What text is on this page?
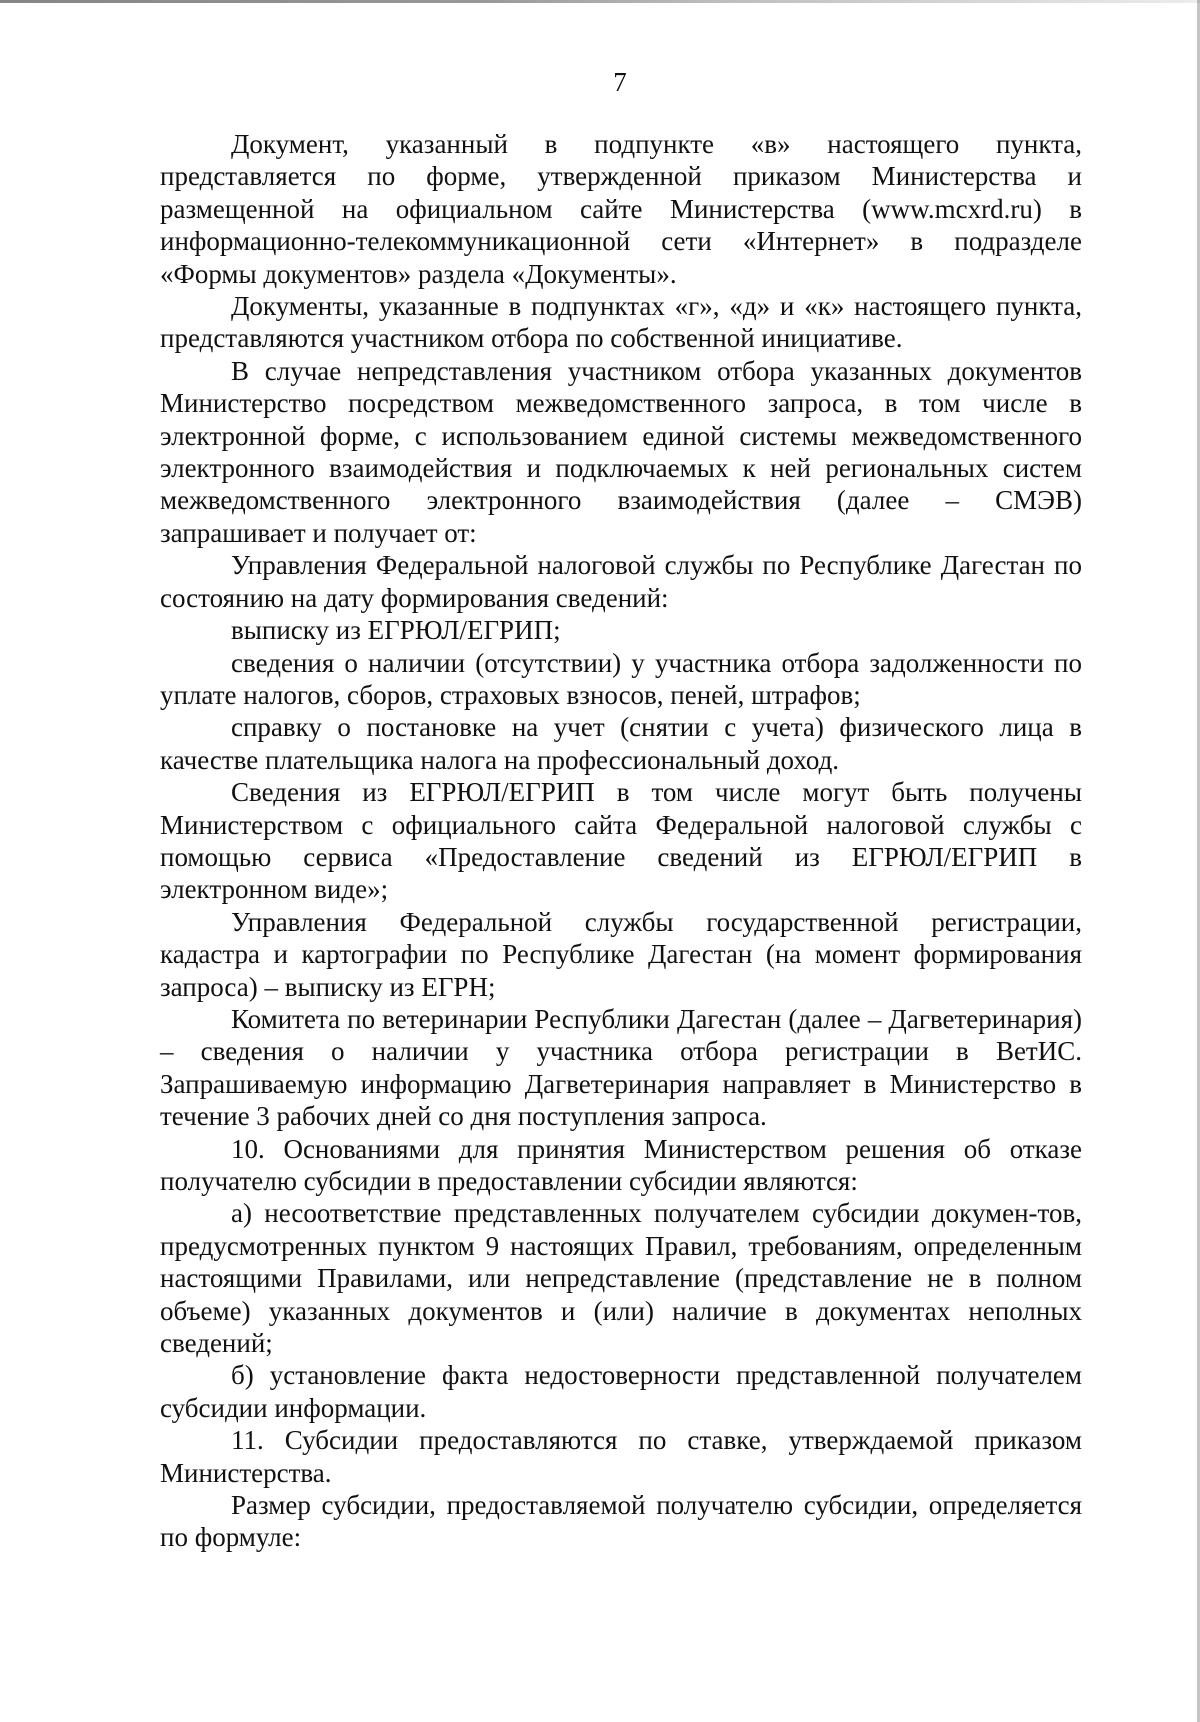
7

Документ, указанный в подпункте «в» настоящего пункта, представляется по форме, утвержденной приказом Министерства и размещенной на официальном сайте Министерства (www.mcxrd.ru) в информационно-телекоммуникационной сети «Интернет» в подразделе «Формы документов» раздела «Документы».

Документы, указанные в подпунктах «г», «д» и «к» настоящего пункта, представляются участником отбора по собственной инициативе.

В случае непредставления участником отбора указанных документов Министерство посредством межведомственного запроса, в том числе в электронной форме, с использованием единой системы межведомственного электронного взаимодействия и подключаемых к ней региональных систем межведомственного электронного взаимодействия (далее – СМЭВ) запрашивает и получает от:

Управления Федеральной налоговой службы по Республике Дагестан по состоянию на дату формирования сведений:

выписку из ЕГРЮЛ/ЕГРИП;

сведения о наличии (отсутствии) у участника отбора задолженности по уплате налогов, сборов, страховых взносов, пеней, штрафов;

справку о постановке на учет (снятии с учета) физического лица в качестве плательщика налога на профессиональный доход.

Сведения из ЕГРЮЛ/ЕГРИП в том числе могут быть получены Министерством с официального сайта Федеральной налоговой службы с помощью сервиса «Предоставление сведений из ЕГРЮЛ/ЕГРИП в электронном виде»;

Управления Федеральной службы государственной регистрации, кадастра и картографии по Республике Дагестан (на момент формирования запроса) – выписку из ЕГРН;

Комитета по ветеринарии Республики Дагестан (далее – Дагветеринария) – сведения о наличии у участника отбора регистрации в ВетИС. Запрашиваемую информацию Дагветеринария направляет в Министерство в течение 3 рабочих дней со дня поступления запроса.

10. Основаниями для принятия Министерством решения об отказе получателю субсидии в предоставлении субсидии являются:

а) несоответствие представленных получателем субсидии докумен-тов, предусмотренных пунктом 9 настоящих Правил, требованиям, определенным настоящими Правилами, или непредставление (представление не в полном объеме) указанных документов и (или) наличие в документах неполных сведений;

б) установление факта недостоверности представленной получателем субсидии информации.

11. Субсидии предоставляются по ставке, утверждаемой приказом Министерства.

Размер субсидии, предоставляемой получателю субсидии, определяется по формуле:
